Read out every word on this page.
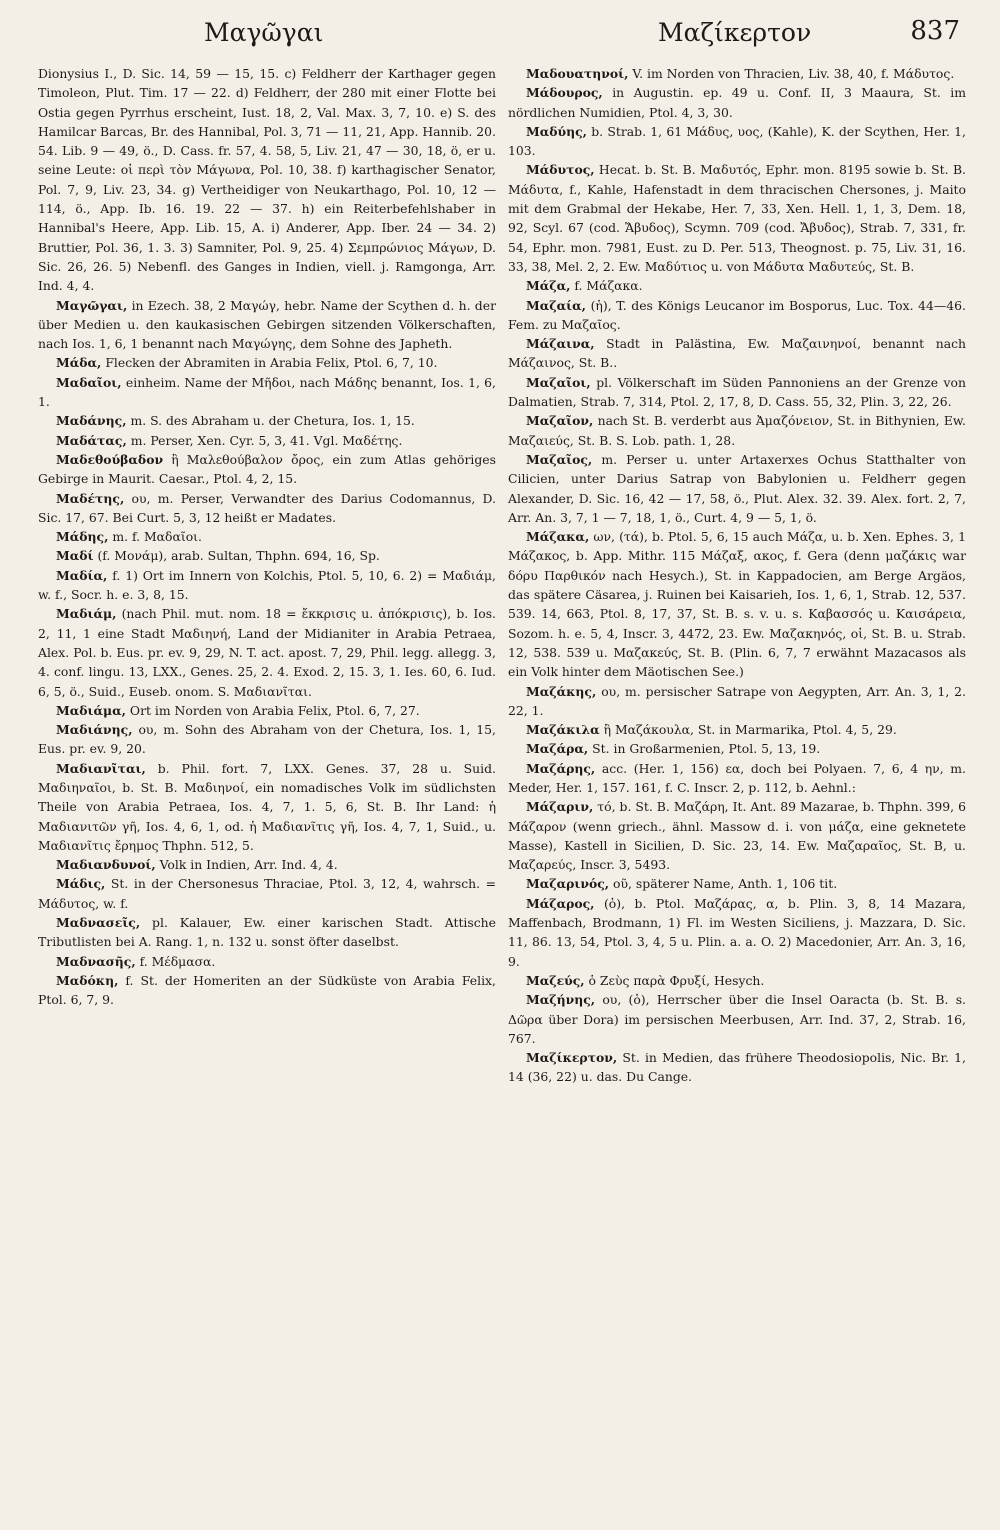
Μαγῶγαι	Μαζίκερτον	837

Dionysius I., D. Sic. 14, 59 — 15, 15. c) Feldherr der Karthager gegen Timoleon, Plut. Tim. 17 — 22. d) Feldherr, der 280 mit einer Flotte bei Ostia gegen Pyrrhus erscheint, Iust. 18, 2, Val. Max. 3, 7, 10. e) S. des Hamilcar Barcas, Br. des Hannibal, Pol. 3, 71 — 11, 21, App. Hannib. 20. 54. Lib. 9 — 49, ö., D. Cass. fr. 57, 4. 58, 5, Liv. 21, 47 — 30, 18, ö, er u. seine Leute: οἱ περὶ τὸν Μάγωνα, Pol. 10, 38. f) karthagischer Senator, Pol. 7, 9, Liv. 23, 34. g) Vertheidiger von Neukarthago, Pol. 10, 12 — 114, ö., App. Ib. 16. 19. 22 — 37. h) ein Reiterbefehlshaber in Hannibal's Heere, App. Lib. 15, A. i) Anderer, App. Iber. 24 — 34. 2) Bruttier, Pol. 36, 1. 3. 3) Samniter, Pol. 9, 25. 4) Σεμπρώνιος Μάγων, D. Sic. 26, 26. 5) Nebenfl. des Ganges in Indien, viell. j. Ramgonga, Arr. Ind. 4, 4.

Μαγῶγαι, in Ezech. 38, 2 Μαγώγ, hebr. Name der Scythen d. h. der über Medien u. den kaukasischen Gebirgen sitzenden Völkerschaften, nach Ios. 1, 6, 1 benannt nach Μαγώγης, dem Sohne des Japheth.

Μάδα, Flecken der Abramiten in Arabia Felix, Ptol. 6, 7, 10.

Μαδαῖοι, einheim. Name der Μῆδοι, nach Μάδης benannt, Ios. 1, 6, 1.

Μαδάνης, m. S. des Abraham u. der Chetura, Ios. 1, 15.

Μαδάτας, m. Perser, Xen. Cyr. 5, 3, 41. Vgl. Μαδέτης.

Μαδεθούβαδον ἢ Μαλεθούβαλον ὄρος, ein zum Atlas gehöriges Gebirge in Maurit. Caesar., Ptol. 4, 2, 15.

Μαδέτης, ου, m. Perser, Verwandter des Darius Codomannus, D. Sic. 17, 67. Bei Curt. 5, 3, 12 heißt er Madates.

Μάδης, m. f. Μαδαῖοι.

Μαδί (f. Μονάμ), arab. Sultan, Thphn. 694, 16, Sp.

Μαδία, f. 1) Ort im Innern von Kolchis, Ptol. 5, 10, 6. 2) = Μαδιάμ, w. f., Socr. h. e. 3, 8, 15.

Μαδιάμ, (nach Phil. mut. nom. 18 = ἔκκρισις u. ἀπόκρισις), b. Ios. 2, 11, 1 eine Stadt Μαδιηνή, Land der Midianiter in Arabia Petraea, Alex. Pol. b. Eus. pr. ev. 9, 29, N. T. act. apost. 7, 29, Phil. legg. allegg. 3, 4. conf. lingu. 13, LXX., Genes. 25, 2. 4. Exod. 2, 15. 3, 1. Ies. 60, 6. Iud. 6, 5, ö., Suid., Euseb. onom. S. Μαδιανῖται.

Μαδιάμα, Ort im Norden von Arabia Felix, Ptol. 6, 7, 27.

Μαδιάνης, ου, m. Sohn des Abraham von der Chetura, Ios. 1, 15, Eus. pr. ev. 9, 20.

Μαδιανῖται, b. Phil. fort. 7, LXX. Genes. 37, 28 u. Suid. Μαδιηναῖοι, b. St. B. Μαδιηνοί, ein nomadisches Volk im südlichsten Theile von Arabia Petraea, Ios. 4, 7, 1. 5, 6, St. B. Ihr Land: ἡ Μαδιανιτῶν γῆ, Ios. 4, 6, 1, od. ἡ Μαδιανῖτις γῆ, Ios. 4, 7, 1, Suid., u. Μαδιανῖτις ἔρημος Thphn. 512, 5.

Μαδιανδυνοί, Volk in Indien, Arr. Ind. 4, 4.

Μάδις, St. in der Chersonesus Thraciae, Ptol. 3, 12, 4, wahrsch. = Μάδυτος, w. f.

Μαδνασεῖς, pl. Kalauer, Ew. einer karischen Stadt. Attische Tributlisten bei A. Rang. 1, n. 132 u. sonst öfter daselbst.

Μαδνασῆς, f. Μέδμασα.

Μαδόκη, f. St. der Homeriten an der Südküste von Arabia Felix, Ptol. 6, 7, 9.

Μαδουατηνοί, V. im Norden von Thracien, Liv. 38, 40, f. Μάδυτος.

Μάδουρος, in Augustin. ep. 49 u. Conf. II, 3 Maaura, St. im nördlichen Numidien, Ptol. 4, 3, 30.

Μαδύης, b. Strab. 1, 61 Μάδυς, υος, (Kahle), K. der Scythen, Her. 1, 103.

Μάδυτος, Hecat. b. St. B. Μαδυτός, Ephr. mon. 8195 sowie b. St. B. Μάδυτα, f., Kahle, Hafenstadt in dem thracischen Chersones, j. Maito mit dem Grabmal der Hekabe, Her. 7, 33, Xen. Hell. 1, 1, 3, Dem. 18, 92, Scyl. 67 (cod. Ἄβυδος), Scymn. 709 (cod. Ἄβυδος), Strab. 7, 331, fr. 54, Ephr. mon. 7981, Eust. zu D. Per. 513, Theognost. p. 75, Liv. 31, 16. 33, 38, Mel. 2, 2. Ew. Μαδύτιος u. von Μάδυτα Μαδυτεύς, St. B.

Μάζα, f. Μάζακα.

Μαζαία, (ἡ), T. des Königs Leucanor im Bosporus, Luc. Tox. 44—46. Fem. zu Μαζαῖος.

Μάζαινα, Stadt in Palästina, Ew. Μαζαινηνοί, benannt nach Μάζαινος, St. B..

Μαζαῖοι, pl. Völkerschaft im Süden Pannoniens an der Grenze von Dalmatien, Strab. 7, 314, Ptol. 2, 17, 8, D. Cass. 55, 32, Plin. 3, 22, 26.

Μαζαῖον, nach St. B. verderbt aus Ἀμαζόνειον, St. in Bithynien, Ew. Μαζαιεύς, St. B. S. Lob. path. 1, 28.

Μαζαῖος, m. Perser u. unter Artaxerxes Ochus Statthalter von Cilicien, unter Darius Satrap von Babylonien u. Feldherr gegen Alexander, D. Sic. 16, 42 — 17, 58, ö., Plut. Alex. 32. 39. Alex. fort. 2, 7, Arr. An. 3, 7, 1 — 7, 18, 1, ö., Curt. 4, 9 — 5, 1, ö.

Μάζακα, ων, (τά), b. Ptol. 5, 6, 15 auch Μάζα, u. b. Xen. Ephes. 3, 1 Μάζακος, b. App. Mithr. 115 Μάζαξ, ακος, f. Gera (denn μαζάκις war δόρυ Παρθικόν nach Hesych.), St. in Kappadocien, am Berge Argäos, das spätere Cäsarea, j. Ruinen bei Kaisarieh, Ios. 1, 6, 1, Strab. 12, 537. 539. 14, 663, Ptol. 8, 17, 37, St. B. s. v. u. s. Καβασσός u. Καισάρεια, Sozom. h. e. 5, 4, Inscr. 3, 4472, 23. Ew. Μαζακηνός, οἱ, St. B. u. Strab. 12, 538. 539 u. Μαζακεύς, St. B. (Plin. 6, 7, 7 erwähnt Mazacasos als ein Volk hinter dem Mäotischen See.)

Μαζάκης, ου, m. persischer Satrape von Aegypten, Arr. An. 3, 1, 2. 22, 1.

Μαζάκιλα ἢ Μαζάκουλα, St. in Marmarika, Ptol. 4, 5, 29.

Μαζάρα, St. in Großarmenien, Ptol. 5, 13, 19.

Μαζάρης, acc. (Her. 1, 156) εα, doch bei Polyaen. 7, 6, 4 ην, m. Meder, Her. 1, 157. 161, f. C. Inscr. 2, p. 112, b. Aehnl.:

Μάζαριν, τό, b. St. B. Μαζάρη, It. Ant. 89 Mazarae, b. Thphn. 399, 6 Μάζαρον (wenn griech., ähnl. Massow d. i. von μάζα, eine geknetete Masse), Kastell in Sicilien, D. Sic. 23, 14. Ew. Μαζαραῖος, St. B, u. Μαζαρεύς, Inscr. 3, 5493.

Μαζαρινός, οῦ, späterer Name, Anth. 1, 106 tit.

Μάζαρος, (ὁ), b. Ptol. Μαζάρας, α, b. Plin. 3, 8, 14 Mazara, Maffenbach, Brodmann, 1) Fl. im Westen Siciliens, j. Mazzara, D. Sic. 11, 86. 13, 54, Ptol. 3, 4, 5 u. Plin. a. a. O. 2) Macedonier, Arr. An. 3, 16, 9.

Μαζεύς, ὁ Ζεὺς παρὰ Φρυξί, Hesych.

Μαζήνης, ου, (ὁ), Herrscher über die Insel Oaracta (b. St. B. s. Δῶρα über Dora) im persischen Meerbusen, Arr. Ind. 37, 2, Strab. 16, 767.

Μαζίκερτον, St. in Medien, das frühere Theodosiopolis, Nic. Br. 1, 14 (36, 22) u. das. Du Cange.
